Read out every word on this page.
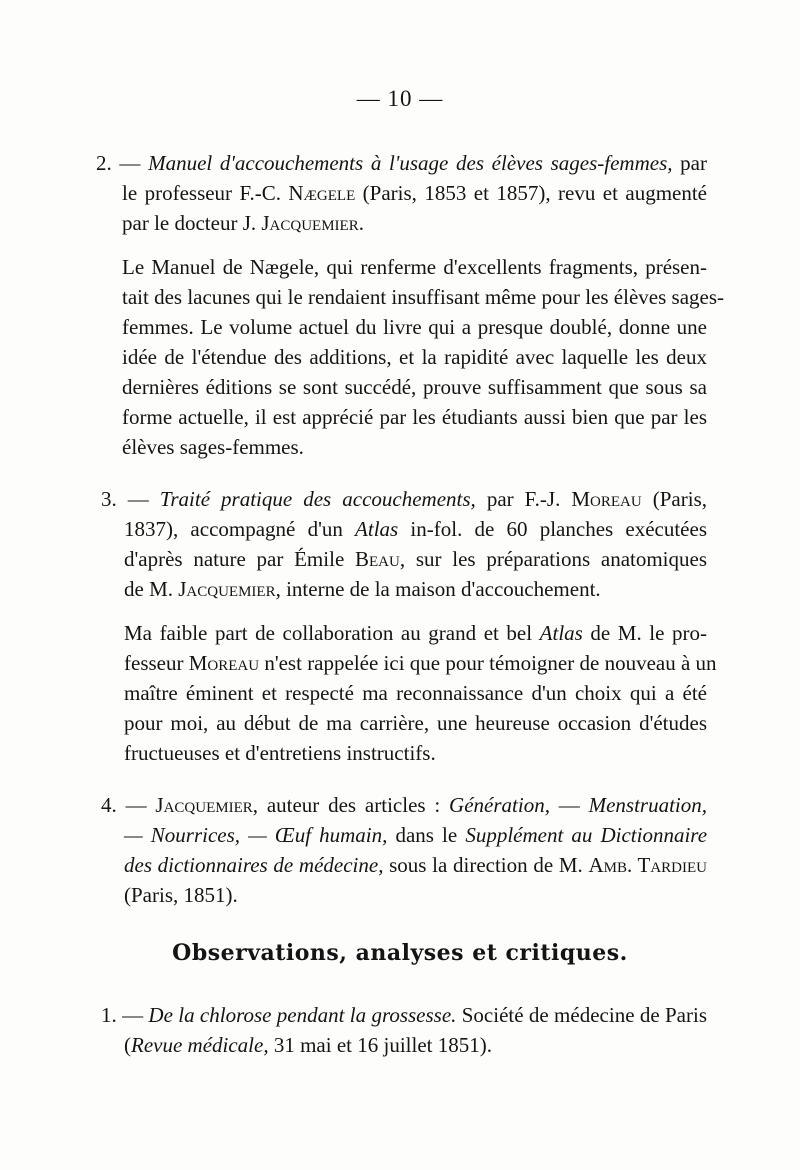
— 10 —
2. — Manuel d'accouchements à l'usage des élèves sages-femmes, par
le professeur F.-C. Nægele (Paris, 1853 et 1857), revu et augmenté
par le docteur J. Jacquemier.
Le Manuel de Nægele, qui renferme d'excellents fragments, présen-
tait des lacunes qui le rendaient insuffisant même pour les élèves sages-
femmes. Le volume actuel du livre qui a presque doublé, donne une
idée de l'étendue des additions, et la rapidité avec laquelle les deux
dernières éditions se sont succédé, prouve suffisamment que sous sa
forme actuelle, il est apprécié par les étudiants aussi bien que par les
élèves sages-femmes.
3. — Traité pratique des accouchements, par F.-J. Moreau (Paris,
1837), accompagné d'un Atlas in-fol. de 60 planches exécutées
d'après nature par Émile Beau, sur les préparations anatomiques
de M. Jacquemier, interne de la maison d'accouchement.
Ma faible part de collaboration au grand et bel Atlas de M. le pro-
fesseur Moreau n'est rappelée ici que pour témoigner de nouveau à un
maître éminent et respecté ma reconnaissance d'un choix qui a été
pour moi, au début de ma carrière, une heureuse occasion d'études
fructueuses et d'entretiens instructifs.
4. — Jacquemier, auteur des articles : Génération, — Menstruation,
— Nourrices, — Œuf humain, dans le Supplément au Dictionnaire
des dictionnaires de médecine, sous la direction de M. Amb. Tardieu
(Paris, 1851).
Observations, analyses et critiques.
1. — De la chlorose pendant la grossesse. Société de médecine de Paris
(Revue médicale, 31 mai et 16 juillet 1851).
